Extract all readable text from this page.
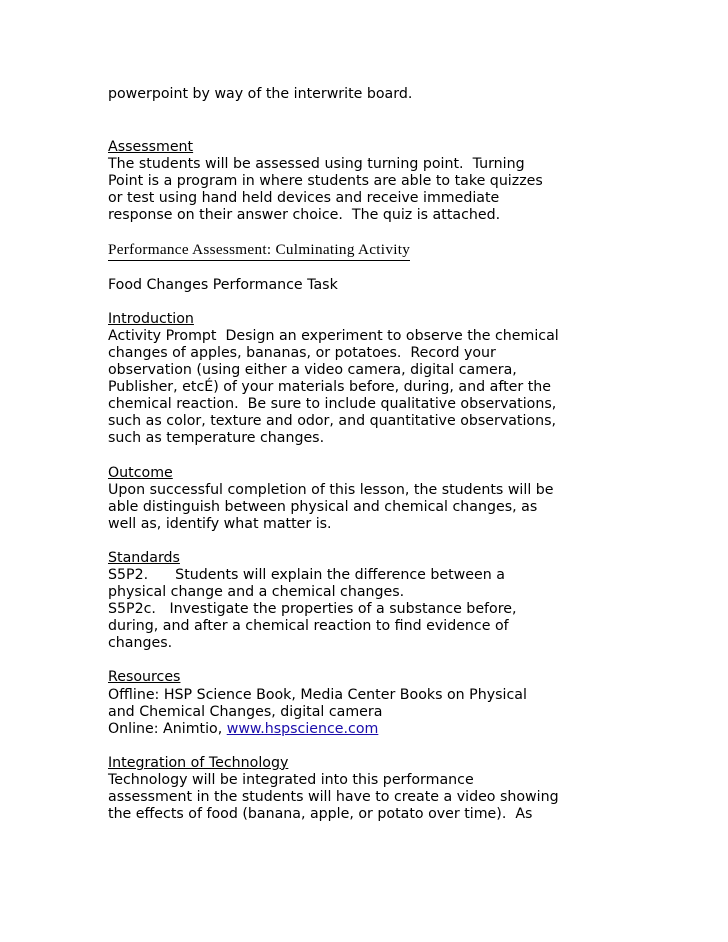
powerpoint by way of the interwrite board.
Assessment
The students will be assessed using turning point.  Turning
Point is a program in where students are able to take quizzes
or test using hand held devices and receive immediate
response on their answer choice.  The quiz is attached.
Performance Assessment: Culminating Activity
Food Changes Performance Task
Introduction
Activity Prompt  Design an experiment to observe the chemical
changes of apples, bananas, or potatoes.  Record your
observation (using either a video camera, digital camera,
Publisher, etcÉ) of your materials before, during, and after the
chemical reaction.  Be sure to include qualitative observations,
such as color, texture and odor, and quantitative observations,
such as temperature changes.
Outcome
Upon successful completion of this lesson, the students will be
able distinguish between physical and chemical changes, as
well as, identify what matter is.
Standards
S5P2.      Students will explain the difference between a
physical change and a chemical changes.
S5P2c.   Investigate the properties of a substance before,
during, and after a chemical reaction to find evidence of
changes.
Resources
Offline: HSP Science Book, Media Center Books on Physical
and Chemical Changes, digital camera
Online: Animtio, www.hspscience.com
Integration of Technology
Technology will be integrated into this performance
assessment in the students will have to create a video showing
the effects of food (banana, apple, or potato over time).  As
